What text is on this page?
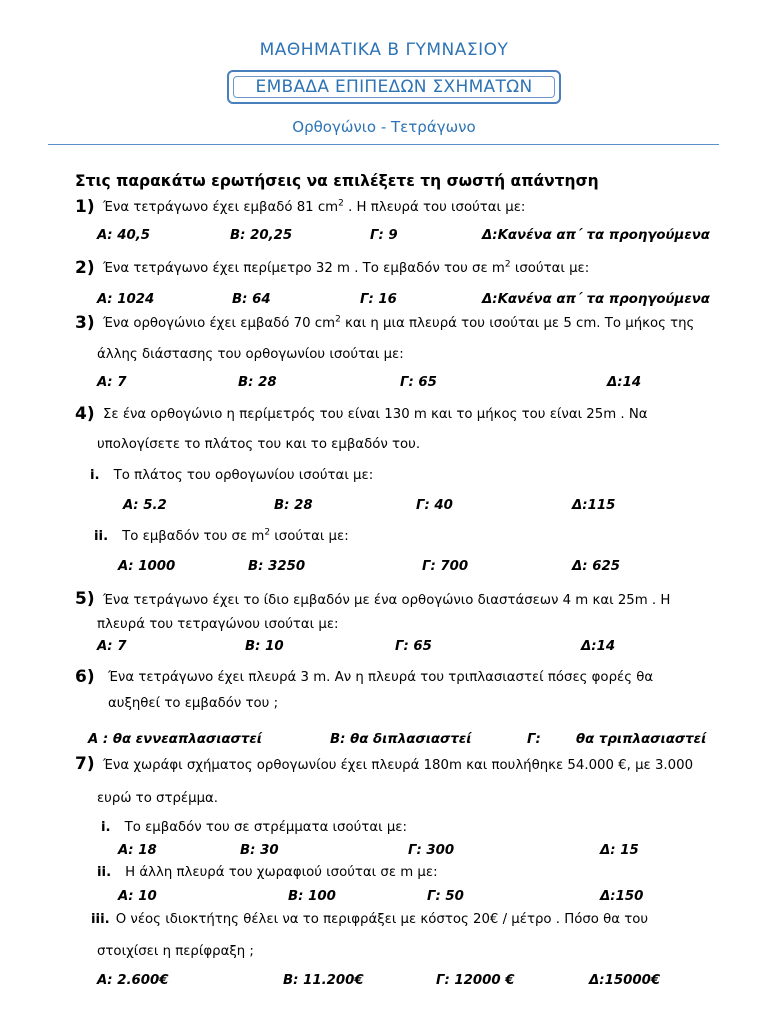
ΜΑΘΗΜΑΤΙΚΑ Β ΓΥΜΝΑΣΙΟΥ
ΕΜΒΑΔΑ ΕΠΙΠΕΔΩΝ ΣΧΗΜΑΤΩΝ
Ορθογώνιο - Τετράγωνο
Στις παρακάτω ερωτήσεις να επιλέξετε τη σωστή απάντηση
1) Ένα τετράγωνο έχει εμβαδό 81 $cm^2$ . Η πλευρά του ισούται με:
Α: 40,5	Β: 20,25	Γ: 9	Δ:Κανένα απ΄ τα προηγούμενα
2) Ένα τετράγωνο έχει περίμετρο 32 m . Το εμβαδόν του σε $m^2$ ισούται με:
Α: 1024	Β: 64	Γ: 16	Δ:Κανένα απ΄ τα προηγούμενα
3) Ένα ορθογώνιο έχει εμβαδό 70 $cm^2$ και η μια πλευρά του ισούται με 5 cm. Το μήκος της
άλλης διάστασης του ορθογωνίου ισούται με:
Α: 7	Β: 28	Γ: 65	Δ:14
4) Σε ένα ορθογώνιο η περίμετρός του είναι 130 m και το μήκος του είναι 25m . Να
υπολογίσετε το πλάτος του και το εμβαδόν του.
i. Το πλάτος του ορθογωνίου ισούται με:
Α: 5.2	Β: 28	Γ: 40	Δ:115
ii. Το εμβαδόν του σε $m^2$ ισούται με:
Α: 1000	Β: 3250	Γ: 700	Δ: 625
5) Ένα τετράγωνο έχει το ίδιο εμβαδόν με ένα ορθογώνιο διαστάσεων 4 m και 25m . Η
πλευρά του τετραγώνου ισούται με:
Α: 7	Β: 10	Γ: 65	Δ:14
6) Ένα τετράγωνο έχει πλευρά 3 m. Αν η πλευρά του τριπλασιαστεί πόσες φορές θα
αυξηθεί το εμβαδόν του ;
Α : θα εννεαπλασιαστεί	Β: θα διπλασιαστεί	Γ:	θα τριπλασιαστεί
7) Ένα χωράφι σχήματος ορθογωνίου έχει πλευρά 180m και πουλήθηκε 54.000 €, με 3.000
ευρώ το στρέμμα.
i. Το εμβαδόν του σε στρέμματα ισούται με:
Α: 18	Β: 30	Γ: 300	Δ: 15
ii. Η άλλη πλευρά του χωραφιού ισούται σε m με:
Α: 10	Β: 100	Γ: 50	Δ:150
iii. Ο νέος ιδιοκτήτης θέλει να το περιφράξει με κόστος 20€ / μέτρο . Πόσο θα του
στοιχίσει η περίφραξη ;
Α: 2.600€	Β: 11.200€	Γ: 12000 €	Δ:15000€
